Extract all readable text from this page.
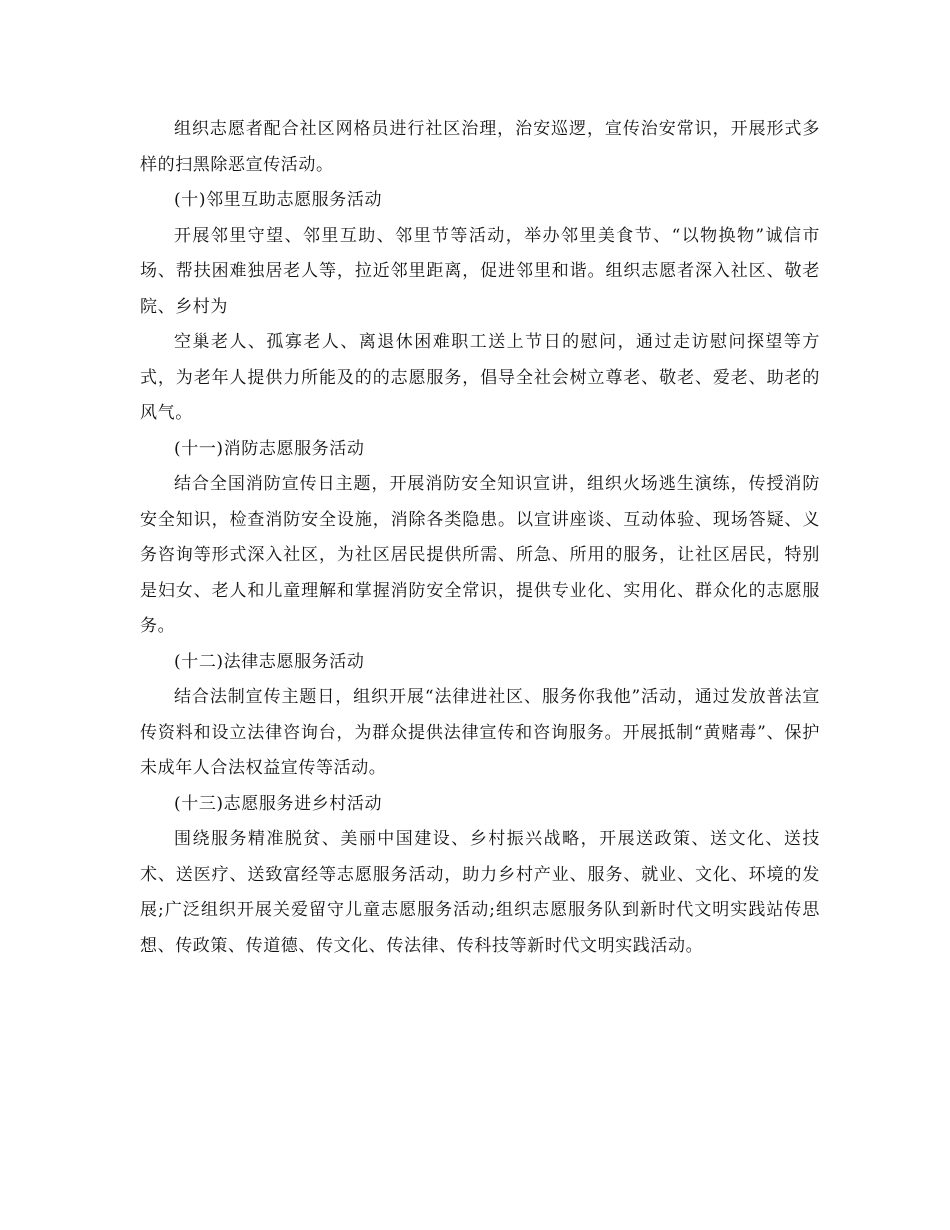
组织志愿者配合社区网格员进行社区治理，治安巡逻，宣传治安常识，开展形式多样的扫黑除恶宣传活动。

(十)邻里互助志愿服务活动

开展邻里守望、邻里互助、邻里节等活动，举办邻里美食节、“以物换物”诚信市场、帮扶困难独居老人等，拉近邻里距离，促进邻里和谐。组织志愿者深入社区、敬老院、乡村为

空巢老人、孤寡老人、离退休困难职工送上节日的慰问，通过走访慰问探望等方式，为老年人提供力所能及的的志愿服务，倡导全社会树立尊老、敬老、爱老、助老的风气。

(十一)消防志愿服务活动

结合全国消防宣传日主题，开展消防安全知识宣讲，组织火场逃生演练，传授消防安全知识，检查消防安全设施，消除各类隐患。以宣讲座谈、互动体验、现场答疑、义务咨询等形式深入社区，为社区居民提供所需、所急、所用的服务，让社区居民，特别是妇女、老人和儿童理解和掌握消防安全常识，提供专业化、实用化、群众化的志愿服务。

(十二)法律志愿服务活动

结合法制宣传主题日，组织开展“法律进社区、服务你我他”活动，通过发放普法宣传资料和设立法律咨询台，为群众提供法律宣传和咨询服务。开展抵制“黄赌毒”、保护未成年人合法权益宣传等活动。

(十三)志愿服务进乡村活动

围绕服务精准脱贫、美丽中国建设、乡村振兴战略，开展送政策、送文化、送技术、送医疗、送致富经等志愿服务活动，助力乡村产业、服务、就业、文化、环境的发展;广泛组织开展关爱留守儿童志愿服务活动;组织志愿服务队到新时代文明实践站传思想、传政策、传道德、传文化、传法律、传科技等新时代文明实践活动。
